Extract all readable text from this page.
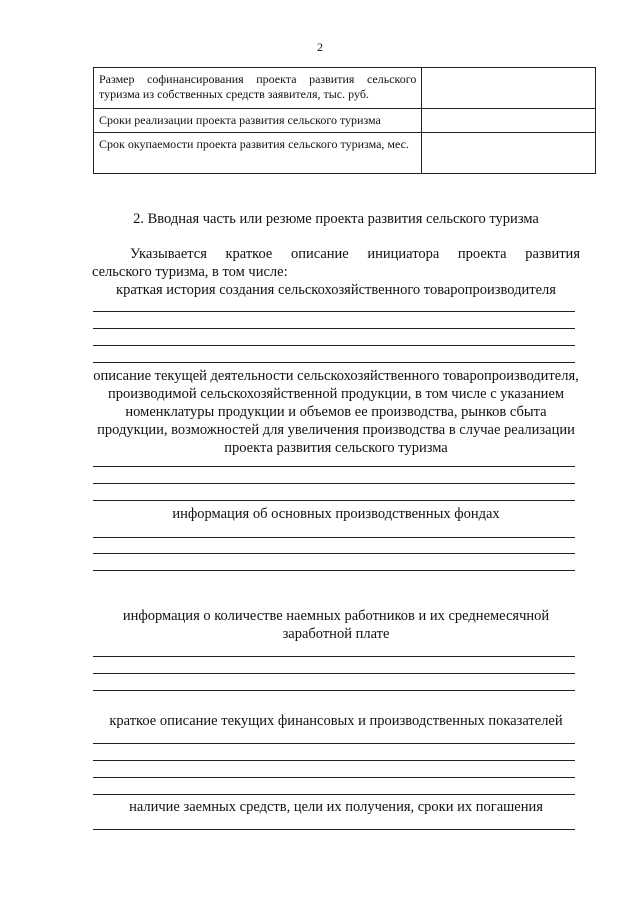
2
Размер софинансирования проекта развития сельского туризма из собственных средств заявителя, тыс. руб.	
Сроки реализации проекта развития сельского туризма	
Срок окупаемости проекта развития сельского туризма, мес.	
2. Вводная часть или резюме проекта развития сельского туризма
Указывается краткое описание инициатора проекта развития
сельского туризма, в том числе:
краткая история создания сельскохозяйственного товаропроизводителя
описание текущей деятельности сельскохозяйственного товаропроизводителя, производимой сельскохозяйственной продукции, в том числе с указанием номенклатуры продукции и объемов ее производства, рынков сбыта продукции, возможностей для увеличения производства в случае реализации проекта развития сельского туризма
информация об основных производственных фондах
информация о количестве наемных работников и их среднемесячной заработной плате
краткое описание текущих финансовых и производственных показателей
наличие заемных средств, цели их получения, сроки их погашения
